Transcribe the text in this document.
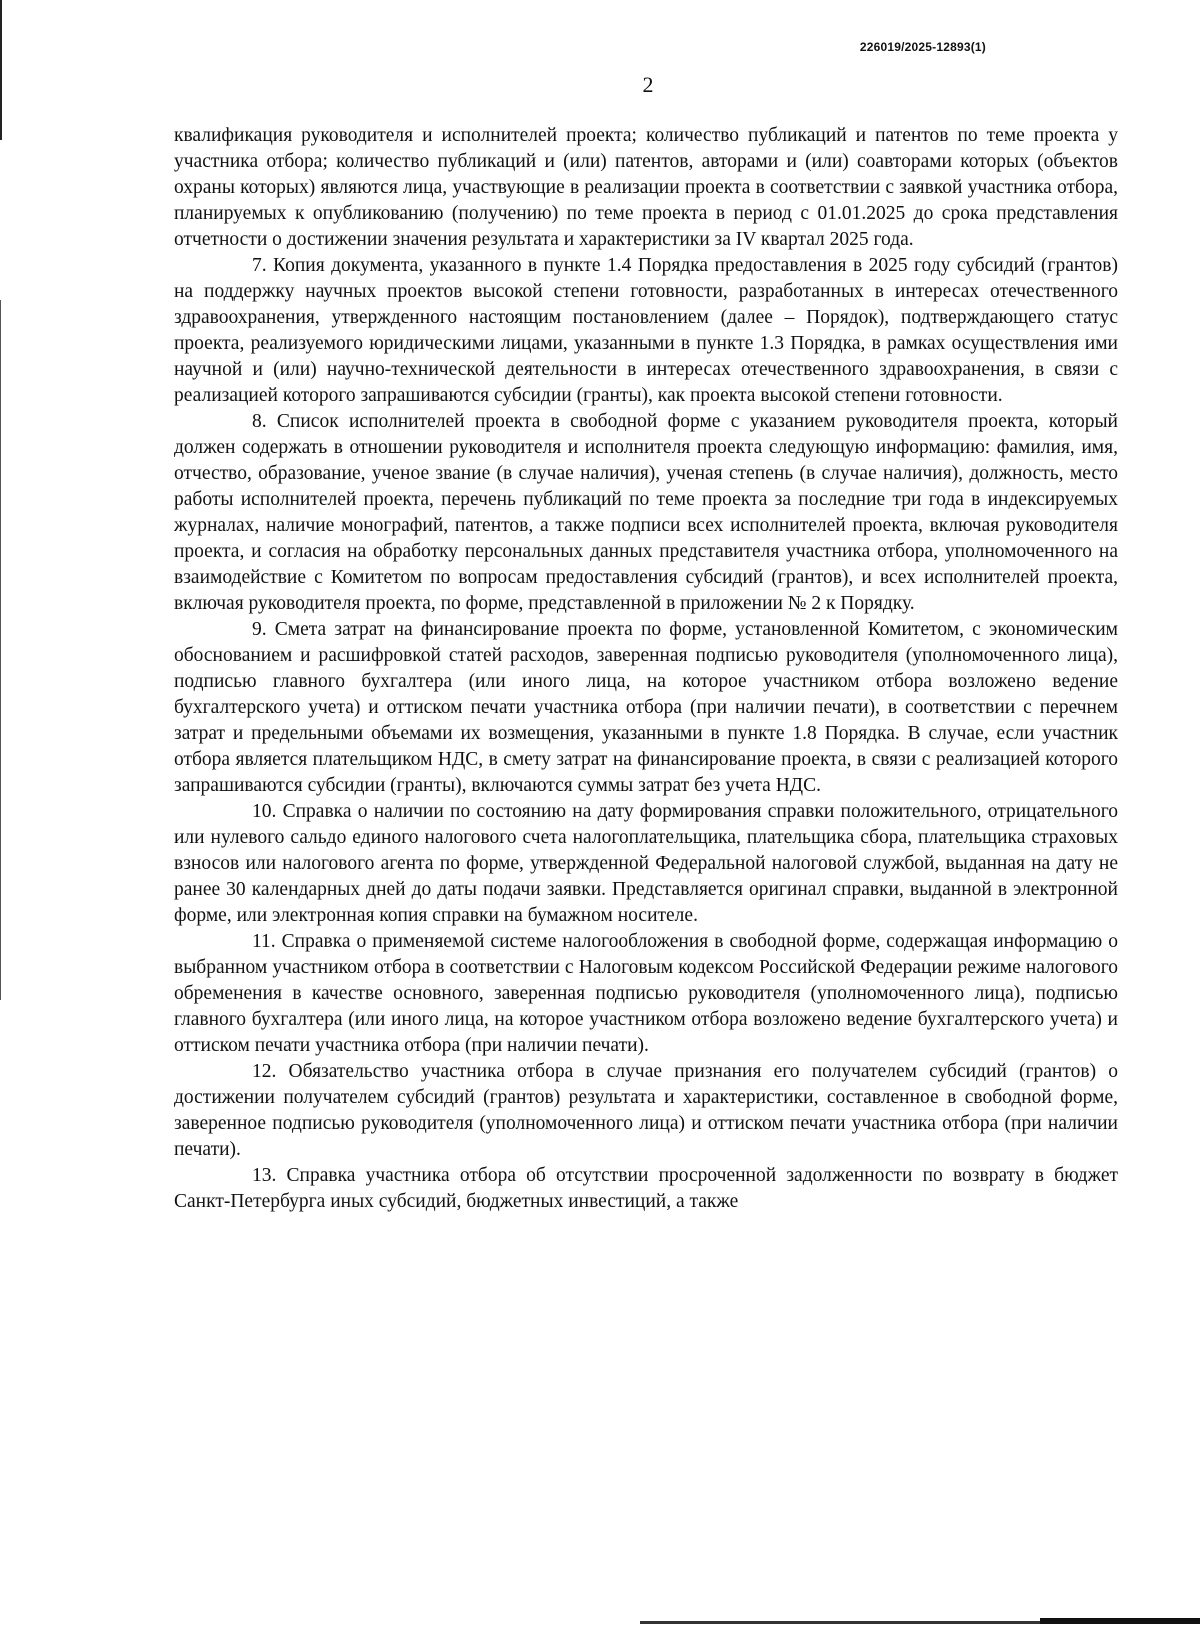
226019/2025-12893(1)
2

квалификация руководителя и исполнителей проекта; количество публикаций и патентов по теме проекта у участника отбора; количество публикаций и (или) патентов, авторами и (или) соавторами которых (объектов охраны которых) являются лица, участвующие в реализации проекта в соответствии с заявкой участника отбора, планируемых к опубликованию (получению) по теме проекта в период с 01.01.2025 до срока представления отчетности о достижении значения результата и характеристики за IV квартал 2025 года.

7. Копия документа, указанного в пункте 1.4 Порядка предоставления в 2025 году субсидий (грантов) на поддержку научных проектов высокой степени готовности, разработанных в интересах отечественного здравоохранения, утвержденного настоящим постановлением (далее – Порядок), подтверждающего статус проекта, реализуемого юридическими лицами, указанными в пункте 1.3 Порядка, в рамках осуществления ими научной и (или) научно-технической деятельности в интересах отечественного здравоохранения, в связи с реализацией которого запрашиваются субсидии (гранты), как проекта высокой степени готовности.

8. Список исполнителей проекта в свободной форме с указанием руководителя проекта, который должен содержать в отношении руководителя и исполнителя проекта следующую информацию: фамилия, имя, отчество, образование, ученое звание (в случае наличия), ученая степень (в случае наличия), должность, место работы исполнителей проекта, перечень публикаций по теме проекта за последние три года в индексируемых журналах, наличие монографий, патентов, а также подписи всех исполнителей проекта, включая руководителя проекта, и согласия на обработку персональных данных представителя участника отбора, уполномоченного на взаимодействие с Комитетом по вопросам предоставления субсидий (грантов), и всех исполнителей проекта, включая руководителя проекта, по форме, представленной в приложении № 2 к Порядку.

9. Смета затрат на финансирование проекта по форме, установленной Комитетом, с экономическим обоснованием и расшифровкой статей расходов, заверенная подписью руководителя (уполномоченного лица), подписью главного бухгалтера (или иного лица, на которое участником отбора возложено ведение бухгалтерского учета) и оттиском печати участника отбора (при наличии печати), в соответствии с перечнем затрат и предельными объемами их возмещения, указанными в пункте 1.8 Порядка. В случае, если участник отбора является плательщиком НДС, в смету затрат на финансирование проекта, в связи с реализацией которого запрашиваются субсидии (гранты), включаются суммы затрат без учета НДС.

10. Справка о наличии по состоянию на дату формирования справки положительного, отрицательного или нулевого сальдо единого налогового счета налогоплательщика, плательщика сбора, плательщика страховых взносов или налогового агента по форме, утвержденной Федеральной налоговой службой, выданная на дату не ранее 30 календарных дней до даты подачи заявки. Представляется оригинал справки, выданной в электронной форме, или электронная копия справки на бумажном носителе.

11. Справка о применяемой системе налогообложения в свободной форме, содержащая информацию о выбранном участником отбора в соответствии с Налоговым кодексом Российской Федерации режиме налогового обременения в качестве основного, заверенная подписью руководителя (уполномоченного лица), подписью главного бухгалтера (или иного лица, на которое участником отбора возложено ведение бухгалтерского учета) и оттиском печати участника отбора (при наличии печати).

12. Обязательство участника отбора в случае признания его получателем субсидий (грантов) о достижении получателем субсидий (грантов) результата и характеристики, составленное в свободной форме, заверенное подписью руководителя (уполномоченного лица) и оттиском печати участника отбора (при наличии печати).

13. Справка участника отбора об отсутствии просроченной задолженности по возврату в бюджет Санкт-Петербурга иных субсидий, бюджетных инвестиций, а также
